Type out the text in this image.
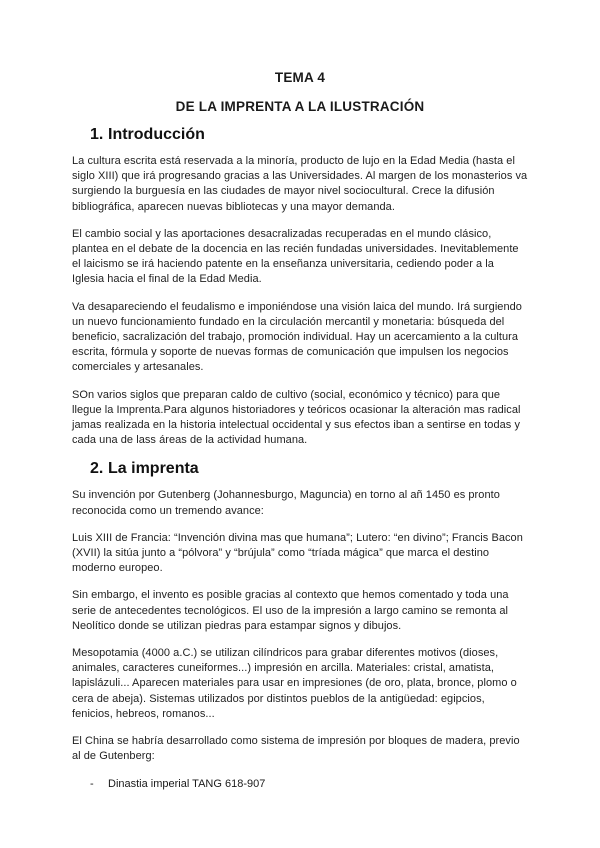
TEMA 4
DE LA IMPRENTA A LA ILUSTRACIÓN
1. Introducción

La cultura escrita está reservada a la minoría, producto de lujo en la Edad Media (hasta el siglo XIII) que irá progresando gracias a las Universidades. Al margen de los monasterios va surgiendo la burguesía en las ciudades de mayor nivel sociocultural. Crece la difusión bibliográfica, aparecen nuevas bibliotecas y una mayor demanda.

El cambio social y las aportaciones desacralizadas recuperadas en el mundo clásico, plantea en el debate de la docencia en las recién fundadas universidades. Inevitablemente el laicismo se irá haciendo patente en la enseñanza universitaria, cediendo poder a la Iglesia hacia el final de la Edad Media.

Va desapareciendo el feudalismo e imponiéndose una visión laica del mundo. Irá surgiendo un nuevo funcionamiento fundado en la circulación mercantil y monetaria: búsqueda del beneficio, sacralización del trabajo, promoción individual. Hay un acercamiento a la cultura escrita, fórmula y soporte de nuevas formas de comunicación que impulsen los negocios comerciales y artesanales.

SOn varios siglos que preparan caldo de cultivo (social, económico y técnico) para que llegue la Imprenta.Para algunos historiadores y teóricos ocasionar la alteración mas radical jamas realizada en la historia intelectual occidental y sus efectos iban a sentirse en todas y cada una de lass áreas de la actividad humana.

2. La imprenta

Su invención por Gutenberg (Johannesburgo, Maguncia) en torno al añ 1450 es pronto reconocida como un tremendo avance:

Luis XIII de Francia: “Invención divina mas que humana”; Lutero: “en divino”; Francis Bacon (XVII) la sitúa junto a “pólvora” y “brújula” como “tríada mágica” que marca el destino moderno europeo.

Sin embargo, el invento es posible gracias al contexto que hemos comentado y toda una serie de antecedentes tecnológicos. El uso de la impresión a largo camino se remonta al Neolítico donde se utilizan piedras para estampar signos y dibujos.

Mesopotamia (4000 a.C.) se utilizan cilíndricos para grabar diferentes motivos (dioses, animales, caracteres cuneiformes...) impresión en arcilla. Materiales: cristal, amatista, lapislázuli... Aparecen materiales para usar en impresiones (de oro, plata, bronce, plomo o cera de abeja). Sistemas utilizados por distintos pueblos de la antigüedad: egipcios, fenicios, hebreos, romanos...

El China se habría desarrollado como sistema de impresión por bloques de madera, previo al de Gutenberg:

-	Dinastia imperial TANG 618-907
